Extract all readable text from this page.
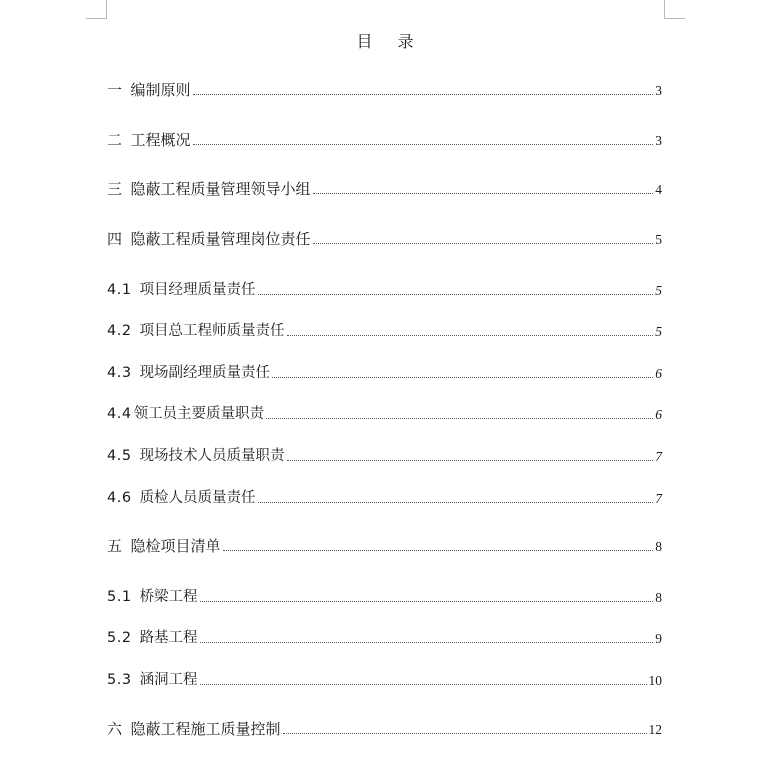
目 录
一 编制原则	3
二 工程概况	3
三 隐蔽工程质量管理领导小组	4
四 隐蔽工程质量管理岗位责任	5
4.1 项目经理质量责任	5
4.2 项目总工程师质量责任	5
4.3 现场副经理质量责任	6
4.4 领工员主要质量职责	6
4.5 现场技术人员质量职责	7
4.6 质检人员质量责任	7
五 隐检项目清单	8
5.1 桥梁工程	8
5.2 路基工程	9
5.3 涵洞工程	10
六 隐蔽工程施工质量控制	12
